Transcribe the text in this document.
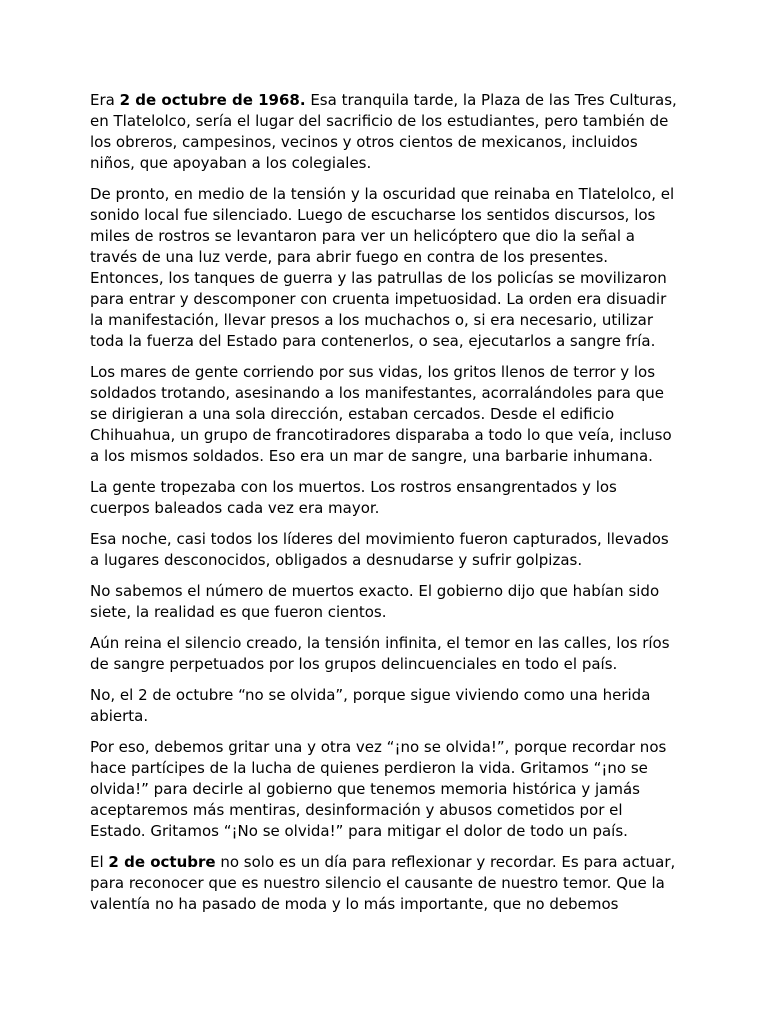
Era 2 de octubre de 1968. Esa tranquila tarde, la Plaza de las Tres Culturas, en Tlatelolco, sería el lugar del sacrificio de los estudiantes, pero también de los obreros, campesinos, vecinos y otros cientos de mexicanos, incluidos niños, que apoyaban a los colegiales.

De pronto, en medio de la tensión y la oscuridad que reinaba en Tlatelolco, el sonido local fue silenciado. Luego de escucharse los sentidos discursos, los miles de rostros se levantaron para ver un helicóptero que dio la señal a través de una luz verde, para abrir fuego en contra de los presentes. Entonces, los tanques de guerra y las patrullas de los policías se movilizaron para entrar y descomponer con cruenta impetuosidad. La orden era disuadir la manifestación, llevar presos a los muchachos o, si era necesario, utilizar toda la fuerza del Estado para contenerlos, o sea, ejecutarlos a sangre fría.

Los mares de gente corriendo por sus vidas, los gritos llenos de terror y los soldados trotando, asesinando a los manifestantes, acorralándoles para que se dirigieran a una sola dirección, estaban cercados. Desde el edificio Chihuahua, un grupo de francotiradores disparaba a todo lo que veía, incluso a los mismos soldados. Eso era un mar de sangre, una barbarie inhumana.

La gente tropezaba con los muertos. Los rostros ensangrentados y los cuerpos baleados cada vez era mayor.

Esa noche, casi todos los líderes del movimiento fueron capturados, llevados a lugares desconocidos, obligados a desnudarse y sufrir golpizas.

No sabemos el número de muertos exacto. El gobierno dijo que habían sido siete, la realidad es que fueron cientos.

Aún reina el silencio creado, la tensión infinita, el temor en las calles, los ríos de sangre perpetuados por los grupos delincuenciales en todo el país.

No, el 2 de octubre “no se olvida”, porque sigue viviendo como una herida abierta.

Por eso, debemos gritar una y otra vez “¡no se olvida!”, porque recordar nos hace partícipes de la lucha de quienes perdieron la vida. Gritamos “¡no se olvida!” para decirle al gobierno que tenemos memoria histórica y jamás aceptaremos más mentiras, desinformación y abusos cometidos por el Estado. Gritamos “¡No se olvida!” para mitigar el dolor de todo un país.

El 2 de octubre no solo es un día para reflexionar y recordar. Es para actuar, para reconocer que es nuestro silencio el causante de nuestro temor. Que la valentía no ha pasado de moda y lo más importante, que no debemos
